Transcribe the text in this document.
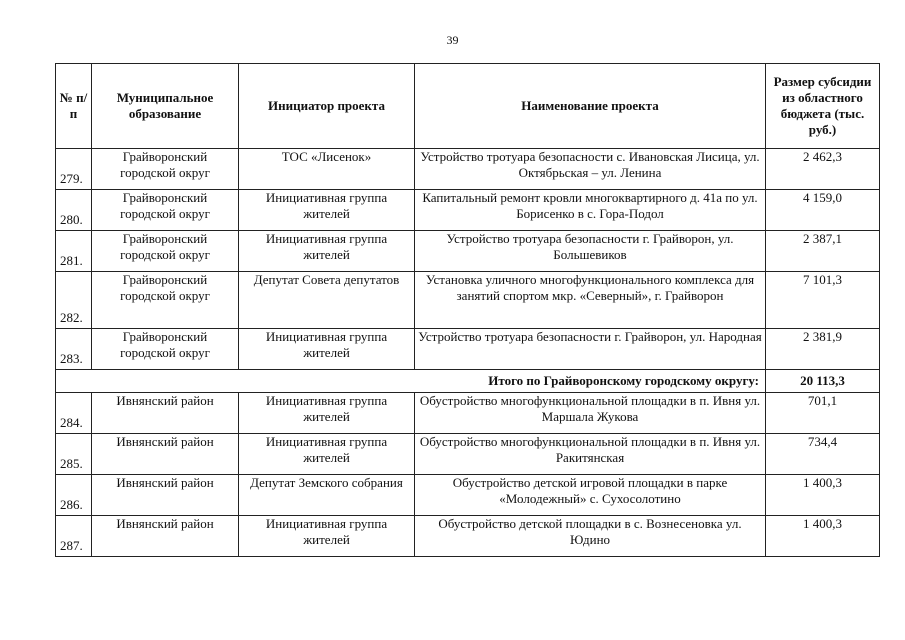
39
№ п/п	Муниципальное образование	Инициатор проекта	Наименование проекта	Размер субсидии из областного бюджета (тыс. руб.)
279.	Грайворонский городской округ	ТОС «Лисенок»	Устройство тротуара безопасности с. Ивановская Лисица, ул. Октябрьская – ул. Ленина	2 462,3
280.	Грайворонский городской округ	Инициативная группа жителей	Капитальный ремонт кровли многоквартирного д. 41а по ул. Борисенко в с. Гора-Подол	4 159,0
281.	Грайворонский городской округ	Инициативная группа жителей	Устройство тротуара безопасности г. Грайворон, ул. Большевиков	2 387,1
282.	Грайворонский городской округ	Депутат Совета депутатов	Установка уличного многофункционального комплекса для занятий спортом мкр. «Северный», г. Грайворон	7 101,3
283.	Грайворонский городской округ	Инициативная группа жителей	Устройство тротуара безопасности г. Грайворон, ул. Народная	2 381,9
Итого по Грайворонскому городскому округу:				20 113,3
284.	Ивнянский район	Инициативная группа жителей	Обустройство многофункциональной площадки в п. Ивня ул. Маршала Жукова	701,1
285.	Ивнянский район	Инициативная группа жителей	Обустройство многофункциональной площадки в п. Ивня ул. Ракитянская	734,4
286.	Ивнянский район	Депутат Земского собрания	Обустройство детской игровой площадки в парке «Молодежный» с. Сухосолотино	1 400,3
287.	Ивнянский район	Инициативная группа жителей	Обустройство детской площадки в с. Вознесеновка ул. Юдино	1 400,3
